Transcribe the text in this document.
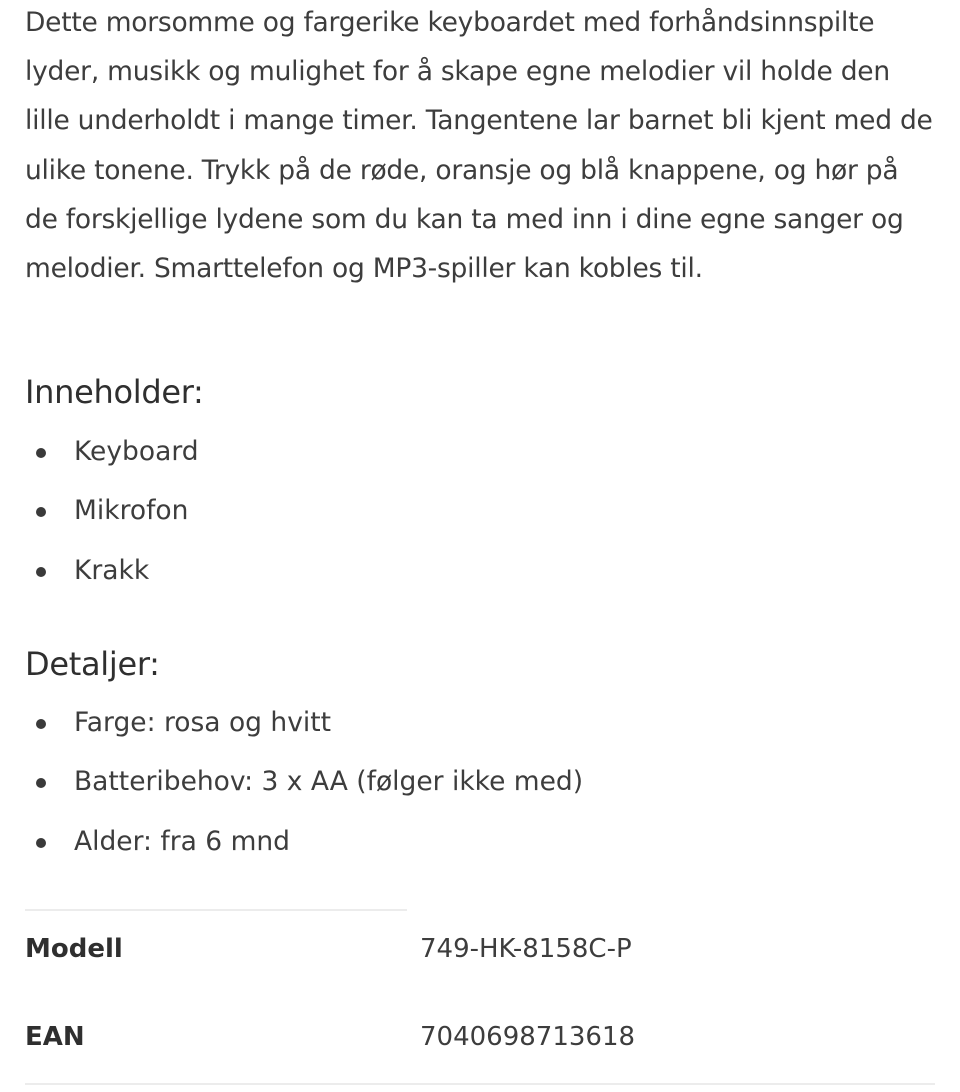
Dette morsomme og fargerike keyboardet med forhåndsinnspilte lyder, musikk og mulighet for å skape egne melodier vil holde den lille underholdt i mange timer. Tangentene lar barnet bli kjent med de ulike tonene. Trykk på de røde, oransje og blå knappene, og hør på de forskjellige lydene som du kan ta med inn i dine egne sanger og melodier. Smarttelefon og MP3-spiller kan kobles til.

Inneholder:
Keyboard
Mikrofon
Krakk
Detaljer:
Farge: rosa og hvitt
Batteribehov: 3 x AA (følger ikke med)
Alder: fra 6 mnd
Modell	749-HK-8158C-P
EAN	7040698713618
